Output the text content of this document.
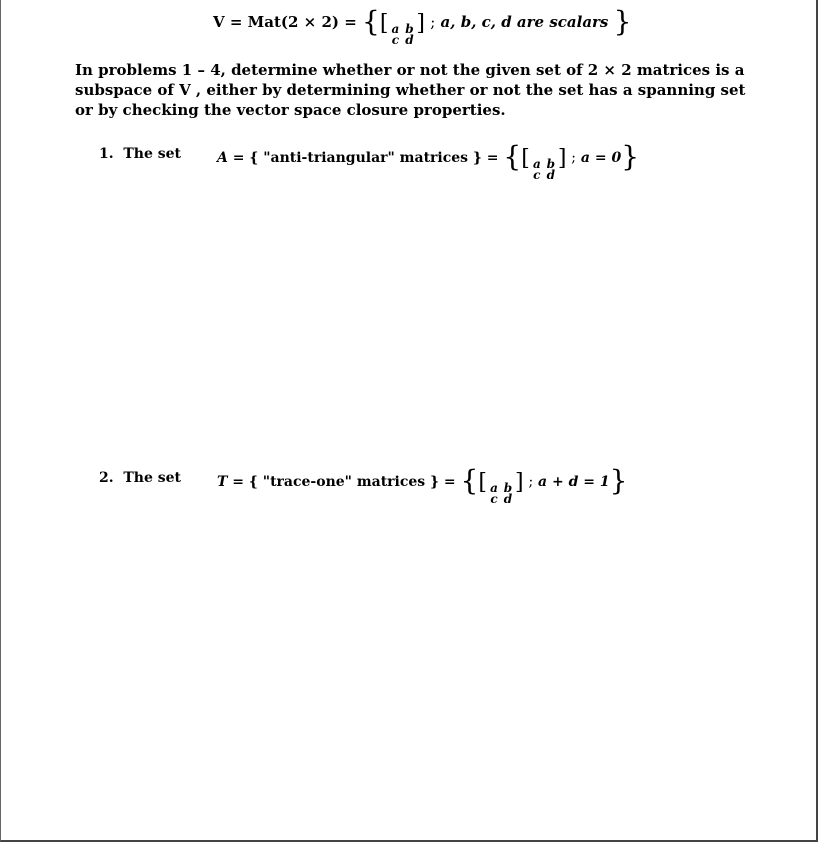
V = Mat(2 × 2) = {[ a b
c d
] ; a, b, c, d are scalars }
In problems 1 – 4, determine whether or not the given set of 2 × 2 matrices is a subspace of V , either by determining whether or not the set has a spanning set or by checking the vector space closure properties.
1. The set	A = { "anti-triangular" matrices } = {[ a b
c d
] ; a = 0}
2. The set	T = { "trace-one" matrices } = {[ a b
c d
] ; a + d = 1}
